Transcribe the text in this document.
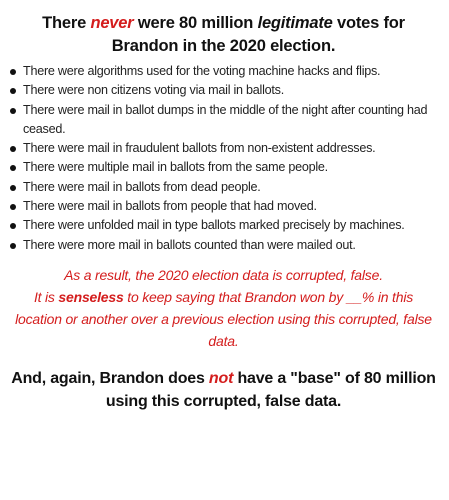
There never were 80 million legitimate votes for Brandon in the 2020 election.
There were algorithms used for the voting machine hacks and flips.
There were non citizens voting via mail in ballots.
There were mail in ballot dumps in the middle of the night after counting had ceased.
There were mail in fraudulent ballots from non-existent addresses.
There were multiple mail in ballots from the same people.
There were mail in ballots from dead people.
There were mail in ballots from people that had moved.
There were unfolded mail in type ballots marked precisely by machines.
There were more mail in ballots counted than were mailed out.
As a result, the 2020 election data is corrupted, false.
It is senseless to keep saying that Brandon won by __% in this location or another over a previous election using this corrupted, false data.
And, again, Brandon does not have a "base" of 80 million using this corrupted, false data.
